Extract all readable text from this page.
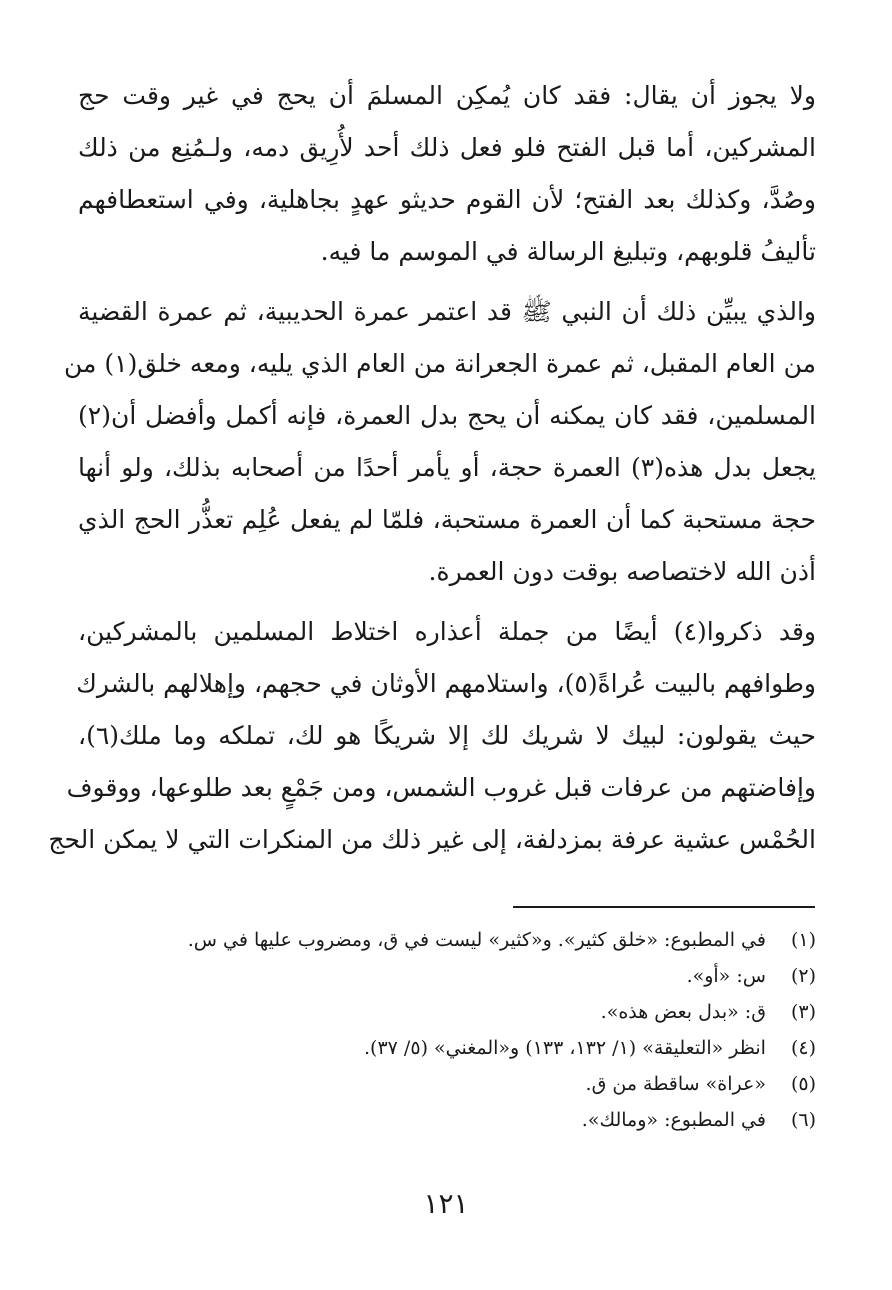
ولا يجوز أن يقال: فقد كان يُمكِن المسلمَ أن يحج في غير وقت حج
المشركين، أما قبل الفتح فلو فعل ذلك أحد لأُرِيق دمه، ولـمُنِع من ذلك
وصُدَّ، وكذلك بعد الفتح؛ لأن القوم حديثو عهدٍ بجاهلية، وفي استعطافهم
تأليفُ قلوبهم، وتبليغ الرسالة في الموسم ما فيه.
والذي يبيِّن ذلك أن النبي ﷺ قد اعتمر عمرة الحديبية، ثم عمرة القضية
من العام المقبل، ثم عمرة الجعرانة من العام الذي يليه، ومعه خلق(١) من
المسلمين، فقد كان يمكنه أن يحج بدل العمرة، فإنه أكمل وأفضل أن(٢)
يجعل بدل هذه(٣) العمرة حجة، أو يأمر أحدًا من أصحابه بذلك، ولو أنها
حجة مستحبة كما أن العمرة مستحبة، فلمّا لم يفعل عُلِم تعذُّر الحج الذي
أذن الله لاختصاصه بوقت دون العمرة.
وقد ذكروا(٤) أيضًا من جملة أعذاره اختلاط المسلمين بالمشركين،
وطوافهم بالبيت عُراةً(٥)، واستلامهم الأوثان في حجهم، وإهلالهم بالشرك
حيث يقولون: لبيك لا شريك لك إلا شريكًا هو لك، تملكه وما ملك(٦)،
وإفاضتهم من عرفات قبل غروب الشمس، ومن جَمْعٍ بعد طلوعها، ووقوف
الحُمْس عشية عرفة بمزدلفة، إلى غير ذلك من المنكرات التي لا يمكن الحج
(١) في المطبوع: «خلق كثير». و«كثير» ليست في ق، ومضروب عليها في س.
(٢) س: «أو».
(٣) ق: «بدل بعض هذه».
(٤) انظر «التعليقة» (١/ ١٣٢، ١٣٣) و«المغني» (٥/ ٣٧).
(٥) «عراة» ساقطة من ق.
(٦) في المطبوع: «ومالك».
١٢١
